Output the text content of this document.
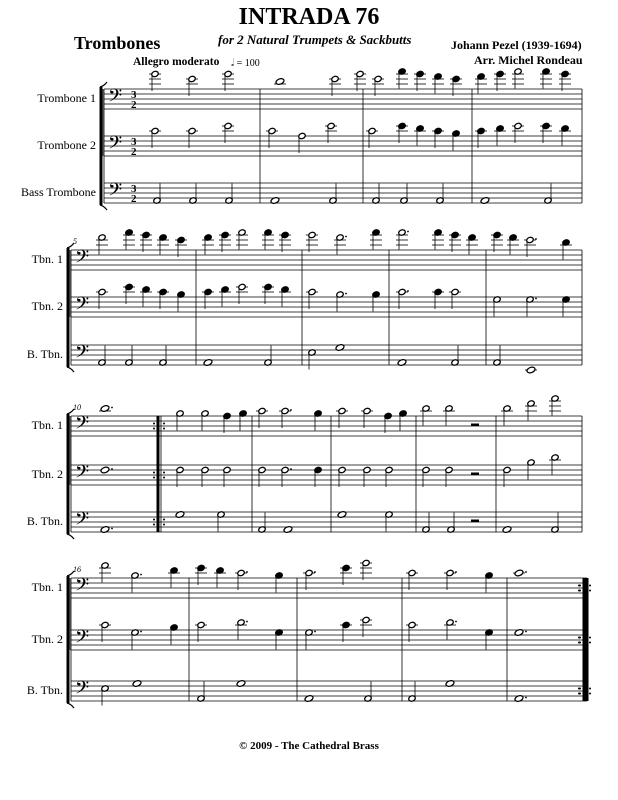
INTRADA 76
Trombones	for 2 Natural Trumpets & Sackbutts	Johann Pezel (1939-1694)
Arr. Michel Rondeau
Allegro moderato 𝅗𝅥 = 100
𝄢 3
2
𝄢 3
2
𝄢 3
2
𝄢
𝄢
𝄢
5
𝄢
𝄢
𝄢
10
𝄢
𝄢
𝄢
16
Trombone 1
Trombone 2
Bass Trombone
Tbn. 1
Tbn. 2
B. Tbn.
Tbn. 1
Tbn. 2
B. Tbn.
Tbn. 1
Tbn. 2
B. Tbn.
© 2009 - The Cathedral Brass
